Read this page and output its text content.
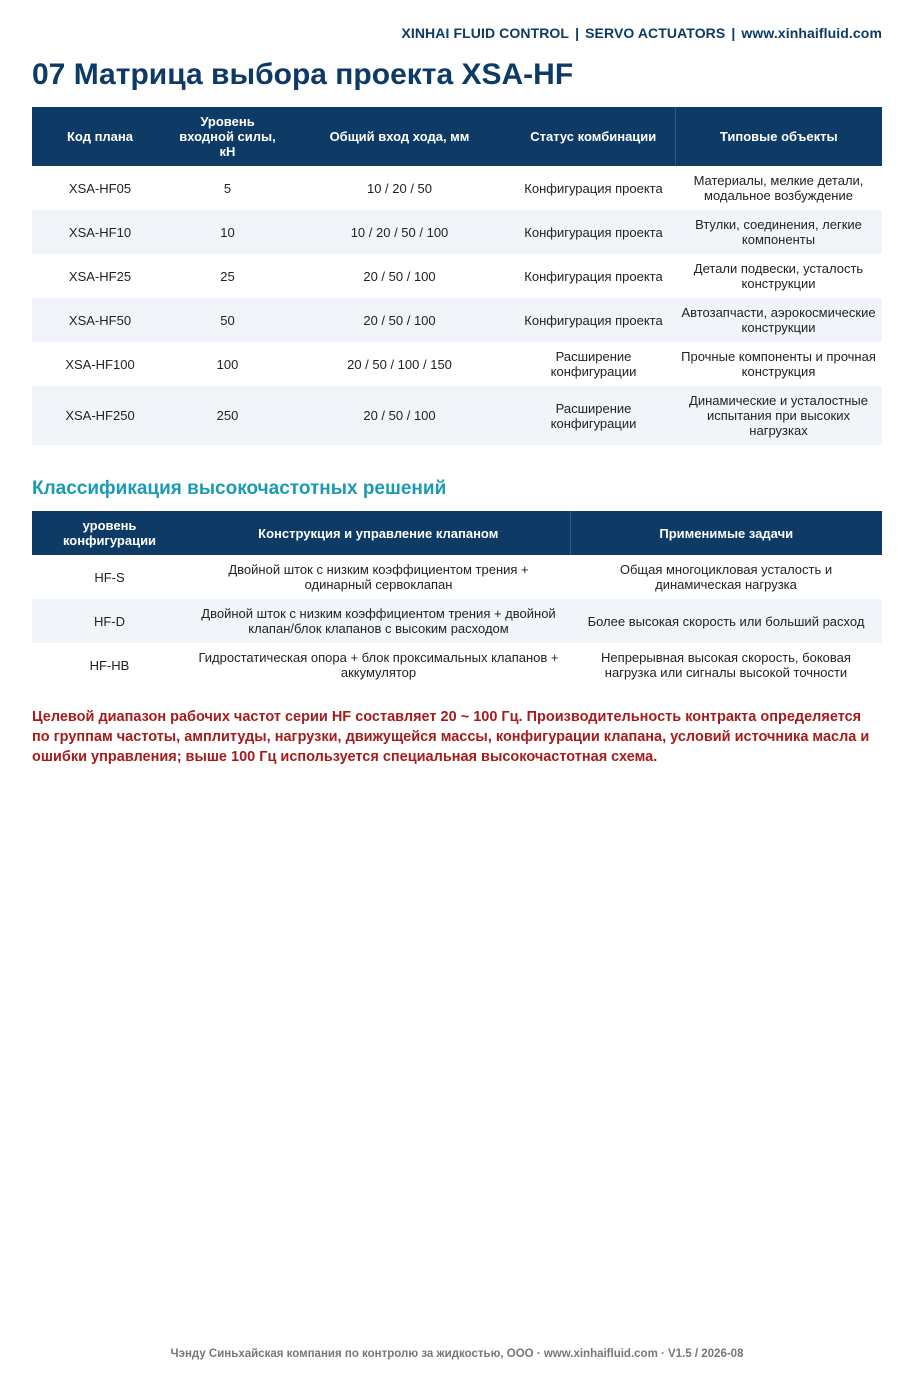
XINHAI FLUID CONTROL | SERVO ACTUATORS | www.xinhaifluid.com
07 Матрица выбора проекта XSA-HF
Код плана	Уровень входной силы, кН	Общий вход хода, мм	Статус комбинации	Типовые объекты
XSA-HF05	5	10 / 20 / 50	Конфигурация проекта	Материалы, мелкие детали, модальное возбуждение
XSA-HF10	10	10 / 20 / 50 / 100	Конфигурация проекта	Втулки, соединения, легкие компоненты
XSA-HF25	25	20 / 50 / 100	Конфигурация проекта	Детали подвески, усталость конструкции
XSA-HF50	50	20 / 50 / 100	Конфигурация проекта	Автозапчасти, аэрокосмические конструкции
XSA-HF100	100	20 / 50 / 100 / 150	Расширение конфигурации	Прочные компоненты и прочная конструкция
XSA-HF250	250	20 / 50 / 100	Расширение конфигурации	Динамические и усталостные испытания при высоких нагрузках
Классификация высокочастотных решений
уровень конфигурации	Конструкция и управление клапаном	Применимые задачи
HF-S	Двойной шток с низким коэффициентом трения + одинарный сервоклапан	Общая многоцикловая усталость и динамическая нагрузка
HF-D	Двойной шток с низким коэффициентом трения + двойной клапан/блок клапанов с высоким расходом	Более высокая скорость или больший расход
HF-HB	Гидростатическая опора + блок проксимальных клапанов + аккумулятор	Непрерывная высокая скорость, боковая нагрузка или сигналы высокой точности

Целевой диапазон рабочих частот серии HF составляет 20 ~ 100 Гц. Производительность контракта определяется по группам частоты, амплитуды, нагрузки, движущейся массы, конфигурации клапана, условий источника масла и ошибки управления; выше 100 Гц используется специальная высокочастотная схема.

Чэнду Синьхайская компания по контролю за жидкостью, ООО · www.xinhaifluid.com · V1.5 / 2026-08
